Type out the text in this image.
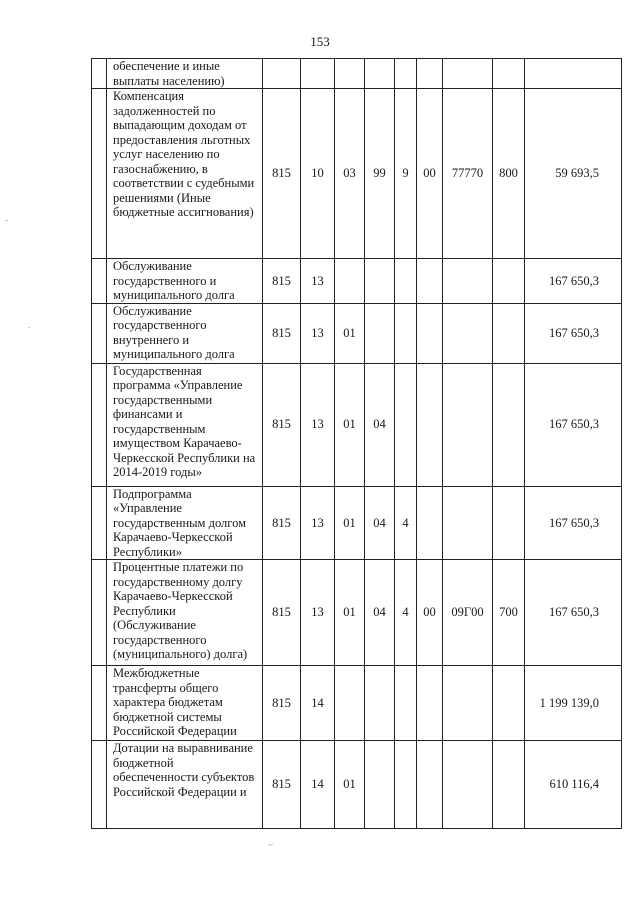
153
	обеспечение и иные выплаты населению)									
	Компенсация задолженностей по выпадающим доходам от предоставления льготных услуг населению по газоснабжению, в соответствии с судебными решениями (Иные бюджетные ассигнования)	815	10	03	99	9	00	77770	800	59 693,5
	Обслуживание государственного и муниципального долга	815	13							167 650,3
	Обслуживание государственного внутреннего и муниципального долга	815	13	01						167 650,3
	Государственная программа «Управление государственными финансами и государственным имуществом Карачаево-Черкесской Республики на 2014-2019 годы»	815	13	01	04					167 650,3
	Подпрограмма «Управление государственным долгом Карачаево-Черкесской Республики»	815	13	01	04	4				167 650,3
	Процентные платежи по государственному долгу Карачаево-Черкесской Республики (Обслуживание государственного (муниципального) долга)	815	13	01	04	4	00	09Г00	700	167 650,3
	Межбюджетные трансферты общего характера бюджетам бюджетной системы Российской Федерации	815	14							1 199 139,0
	Дотации на выравнивание бюджетной обеспеченности субъектов Российской Федерации и	815	14	01						610 116,4
-
.
~
